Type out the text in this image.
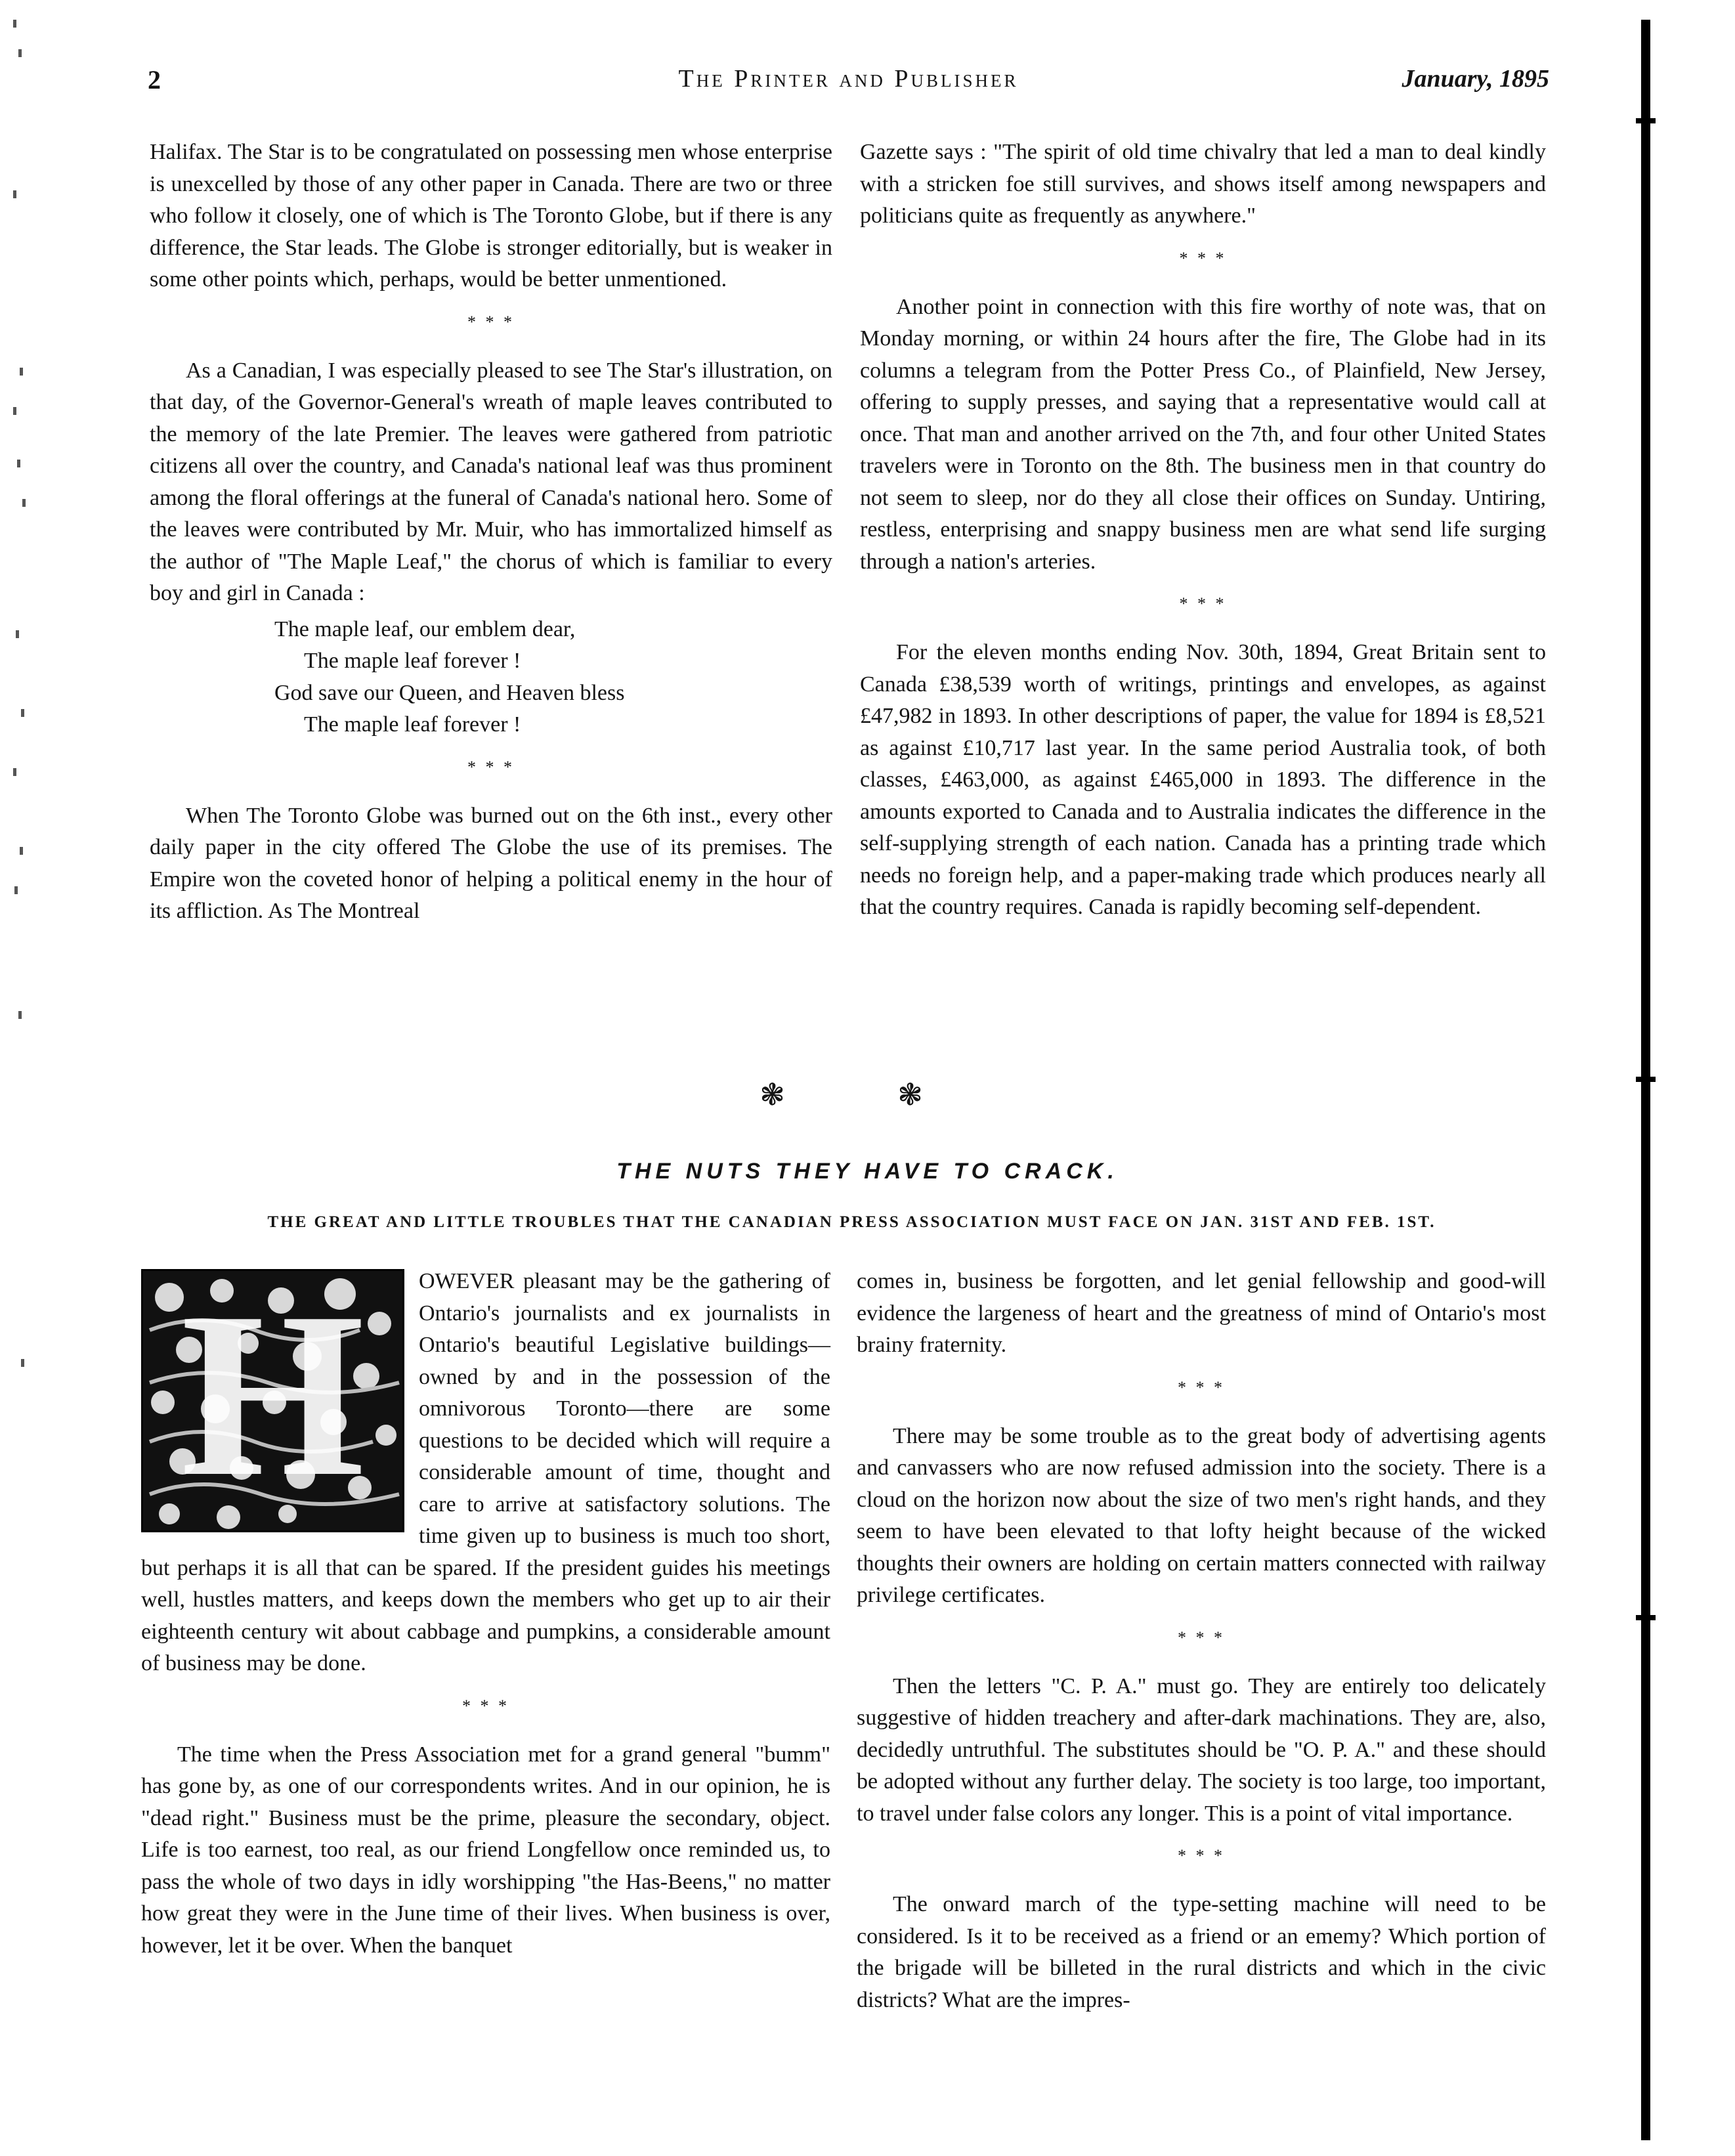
2	The Printer and Publisher	January, 1895

Halifax. The Star is to be congratulated on possessing men whose enterprise is unexcelled by those of any other paper in Canada. There are two or three who follow it closely, one of which is The Toronto Globe, but if there is any difference, the Star leads. The Globe is stronger editorially, but is weaker in some other points which, perhaps, would be better unmentioned.

* * *

As a Canadian, I was especially pleased to see The Star's illustration, on that day, of the Governor-General's wreath of maple leaves contributed to the memory of the late Premier. The leaves were gathered from patriotic citizens all over the country, and Canada's national leaf was thus prominent among the floral offerings at the funeral of Canada's national hero. Some of the leaves were contributed by Mr. Muir, who has immortalized himself as the author of "The Maple Leaf," the chorus of which is familiar to every boy and girl in Canada :

The maple leaf, our emblem dear,
The maple leaf forever !
God save our Queen, and Heaven bless
The maple leaf forever !
* * *

When The Toronto Globe was burned out on the 6th inst., every other daily paper in the city offered The Globe the use of its premises. The Empire won the coveted honor of helping a political enemy in the hour of its affliction. As The Montreal

Gazette says : "The spirit of old time chivalry that led a man to deal kindly with a stricken foe still survives, and shows itself among newspapers and politicians quite as frequently as anywhere."

* * *

Another point in connection with this fire worthy of note was, that on Monday morning, or within 24 hours after the fire, The Globe had in its columns a telegram from the Potter Press Co., of Plainfield, New Jersey, offering to supply presses, and saying that a representative would call at once. That man and another arrived on the 7th, and four other United States travelers were in Toronto on the 8th. The business men in that country do not seem to sleep, nor do they all close their offices on Sunday. Untiring, restless, enterprising and snappy business men are what send life surging through a nation's arteries.

* * *

For the eleven months ending Nov. 30th, 1894, Great Britain sent to Canada £38,539 worth of writings, printings and envelopes, as against £47,982 in 1893. In other descriptions of paper, the value for 1894 is £8,521 as against £10,717 last year. In the same period Australia took, of both classes, £463,000, as against £465,000 in 1893. The difference in the amounts exported to Canada and to Australia indicates the difference in the self-supplying strength of each nation. Canada has a printing trade which needs no foreign help, and a paper-making trade which produces nearly all that the country requires. Canada is rapidly becoming self-dependent.

❃ ❃
THE NUTS THEY HAVE TO CRACK.
THE GREAT AND LITTLE TROUBLES THAT THE CANADIAN PRESS ASSOCIATION MUST FACE ON JAN. 31ST AND FEB. 1ST.
H	OWEVER pleasant may be the gathering of Ontario's journalists and ex journalists in Ontario's beautiful Legislative buildings—owned by and in the possession of the omnivorous Toronto—there are some questions to be decided which will require a considerable amount of time, thought and care to arrive at satisfactory solutions. The time given up to business is much too short, but perhaps it is all that can be spared. If the president guides his meetings well, hustles matters, and keeps down the members who get up to air their eighteenth century wit about cabbage and pumpkins, a considerable amount of business may be done.

* * *

The time when the Press Association met for a grand general "bumm" has gone by, as one of our correspondents writes. And in our opinion, he is "dead right." Business must be the prime, pleasure the secondary, object. Life is too earnest, too real, as our friend Longfellow once reminded us, to pass the whole of two days in idly worshipping "the Has-Beens," no matter how great they were in the June time of their lives. When business is over, however, let it be over. When the banquet

comes in, business be forgotten, and let genial fellowship and good-will evidence the largeness of heart and the greatness of mind of Ontario's most brainy fraternity.

* * *

There may be some trouble as to the great body of advertising agents and canvassers who are now refused admission into the society. There is a cloud on the horizon now about the size of two men's right hands, and they seem to have been elevated to that lofty height because of the wicked thoughts their owners are holding on certain matters connected with railway privilege certificates.

* * *

Then the letters "C. P. A." must go. They are entirely too delicately suggestive of hidden treachery and after-dark machinations. They are, also, decidedly untruthful. The substitutes should be "O. P. A." and these should be adopted without any further delay. The society is too large, too important, to travel under false colors any longer. This is a point of vital importance.

* * *

The onward march of the type-setting machine will need to be considered. Is it to be received as a friend or an ememy? Which portion of the brigade will be billeted in the rural districts and which in the civic districts? What are the impres-
